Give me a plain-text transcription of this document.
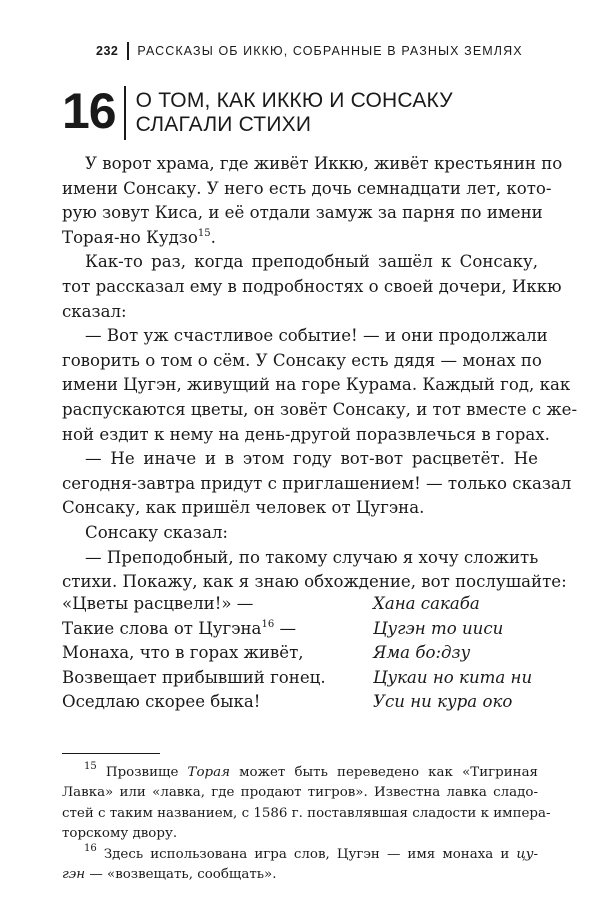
232 РАССКАЗЫ ОБ ИККЮ, СОБРАННЫЕ В РАЗНЫХ ЗЕМЛЯХ
16 О ТОМ, КАК ИККЮ И СОНСАКУ
СЛАГАЛИ СТИХИ
У ворот храма, где живёт Иккю, живёт крестьянин по
имени Сонсаку. У него есть дочь семнадцати лет, кото-
рую зовут Киса, и её отдали замуж за парня по имени
Торая-но Кудзо$^{15}$.
Как-то раз, когда преподобный зашёл к Сонсаку,
тот рассказал ему в подробностях о своей дочери, Иккю
сказал:
— Вот уж счастливое событие! — и они продолжали
говорить о том о сём. У Сонсаку есть дядя — монах по
имени Цугэн, живущий на горе Курама. Каждый год, как
распускаются цветы, он зовёт Сонсаку, и тот вместе с же-
ной ездит к нему на день-другой поразвлечься в горах.
— Не иначе и в этом году вот-вот расцветёт. Не
сегодня-завтра придут с приглашением! — только сказал
Сонсаку, как пришёл человек от Цугэна.
Сонсаку сказал:
— Преподобный, по такому случаю я хочу сложить
стихи. Покажу, как я знаю обхождение, вот послушайте:
«Цветы расцвели!» —	Хана сакаба
Такие слова от Цугэна$^{16}$ —	Цугэн то ииси
Монаха, что в горах живёт,	Яма бо:дзу
Возвещает прибывший гонец.	Цукаи но кита ни
Оседлаю скорее быка!	Уси ни кура око
$^{15}$ Прозвище Торая может быть переведено как «Тигриная
Лавка» или «лавка, где продают тигров». Известна лавка сладо-
стей с таким названием, с 1586 г. поставлявшая сладости к импера-
торскому двору.
$^{16}$ Здесь использована игра слов, Цугэн — имя монаха и цу-
гэн — «возвещать, сообщать».
